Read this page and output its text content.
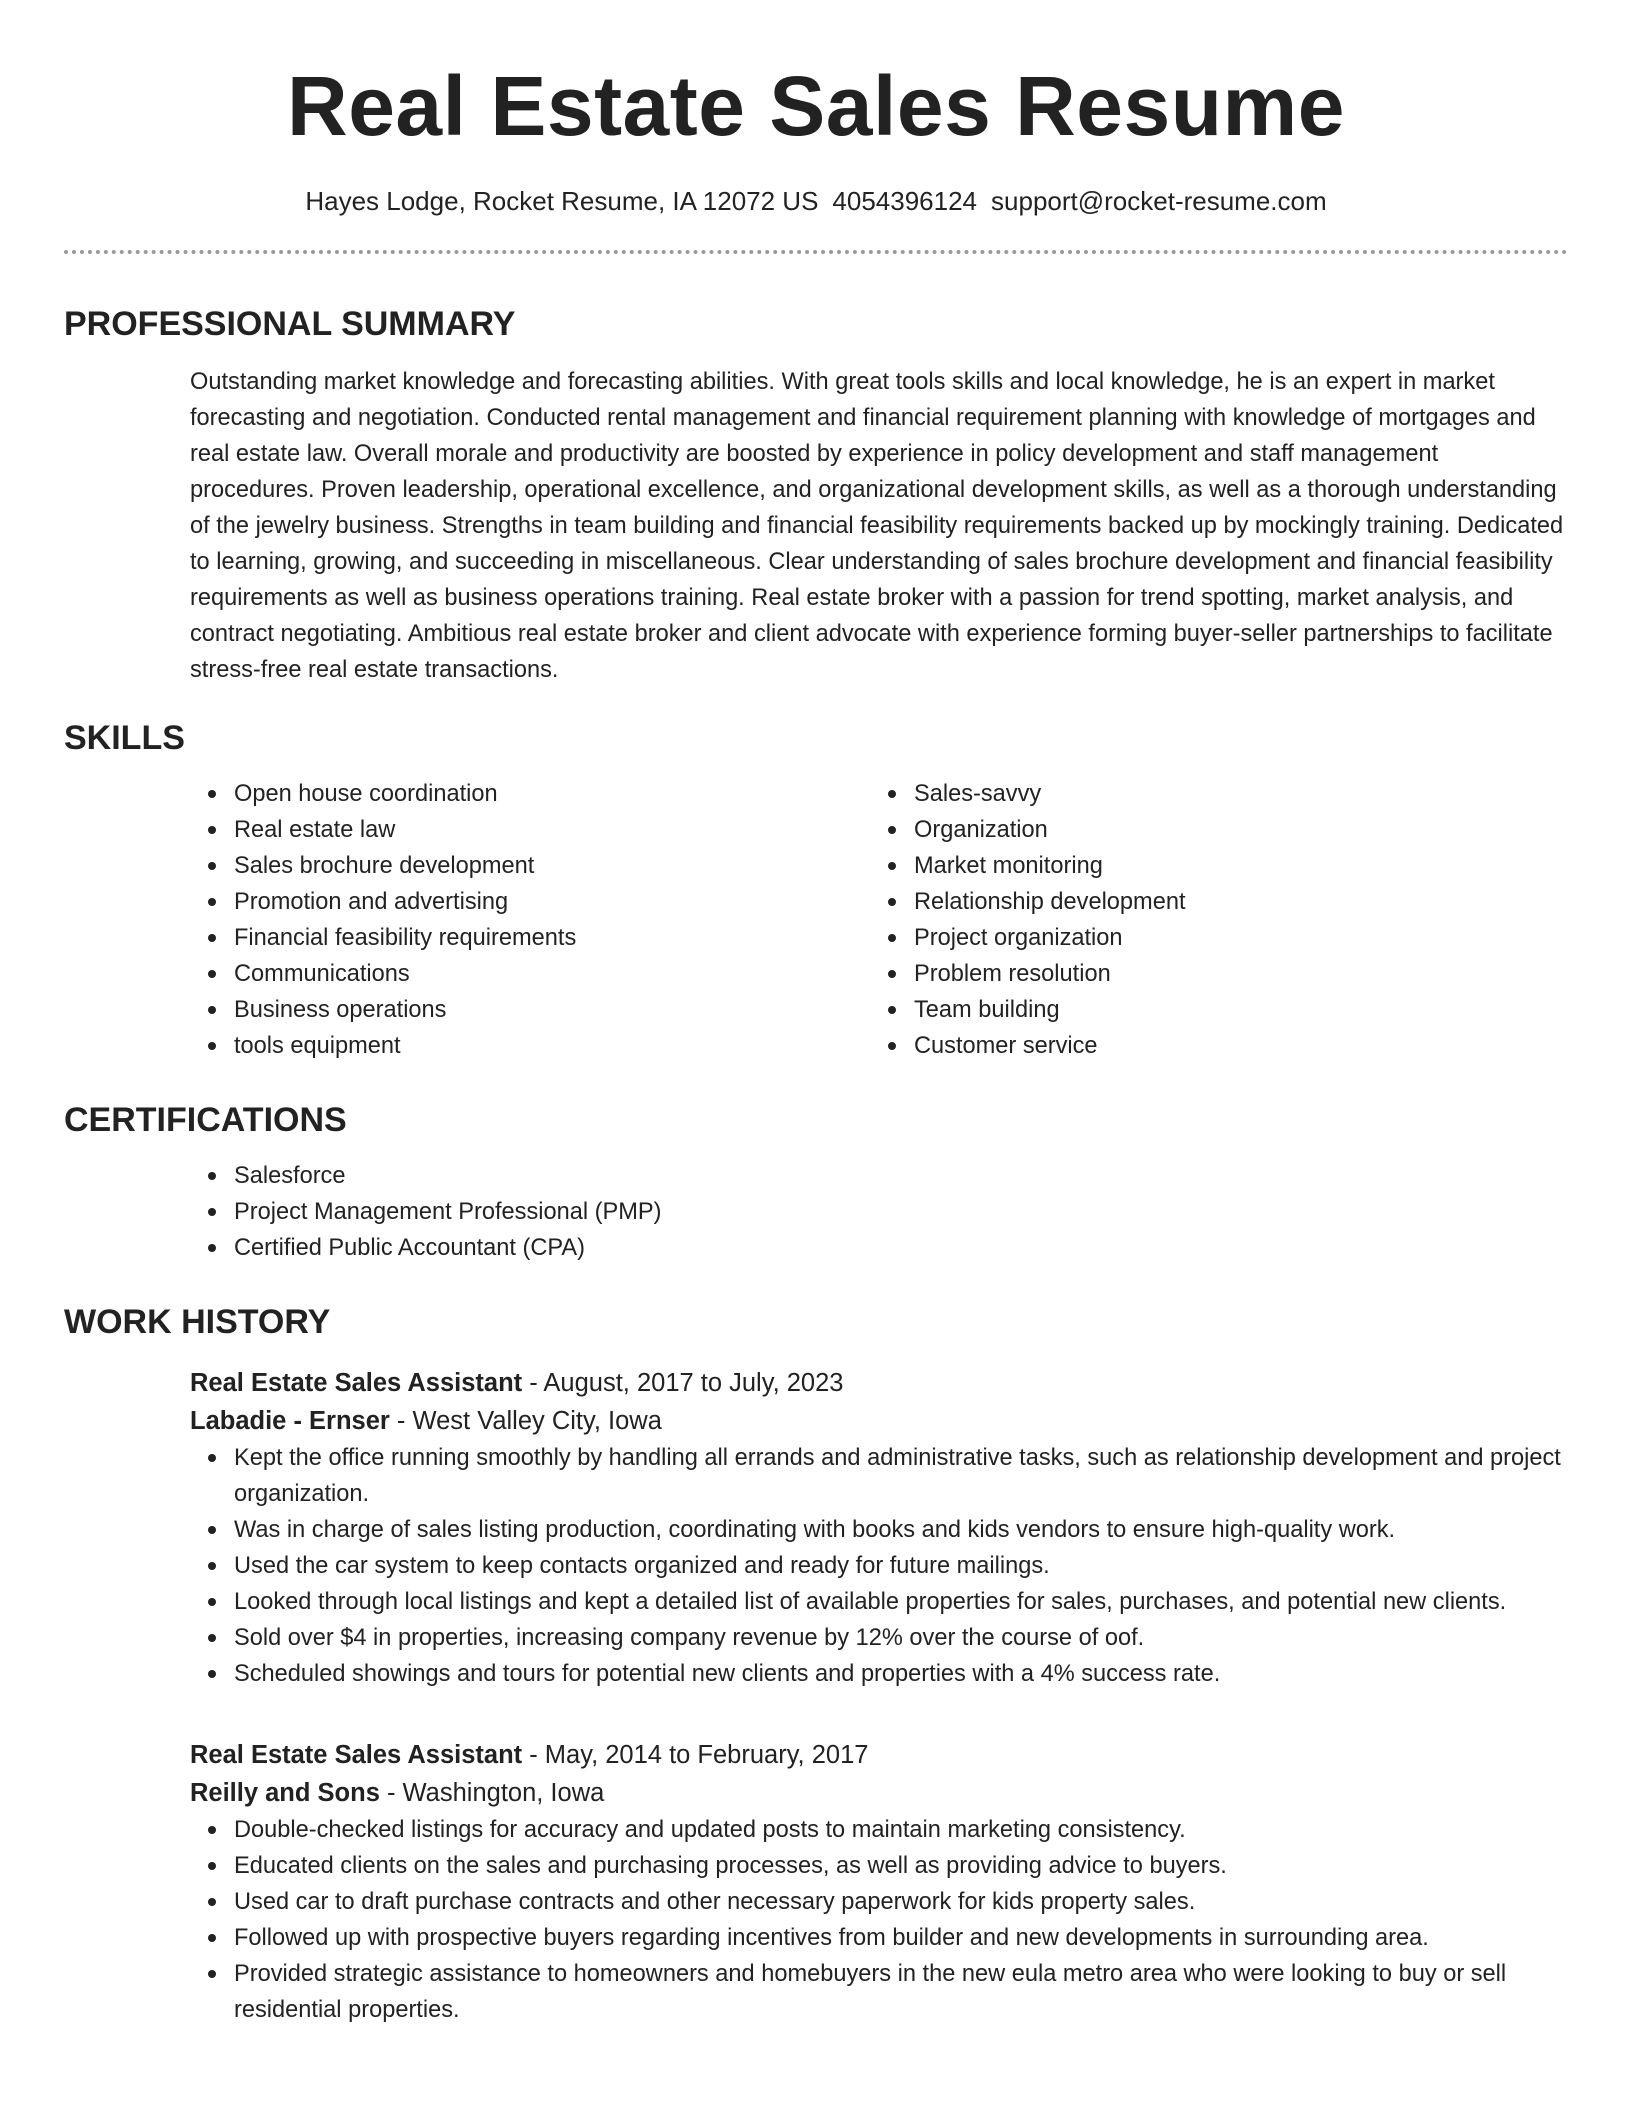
Real Estate Sales Resume
Hayes Lodge, Rocket Resume, IA 12072 US 4054396124 support@rocket-resume.com
PROFESSIONAL SUMMARY
Outstanding market knowledge and forecasting abilities. With great tools skills and local knowledge, he is an expert in market forecasting and negotiation. Conducted rental management and financial requirement planning with knowledge of mortgages and real estate law. Overall morale and productivity are boosted by experience in policy development and staff management procedures. Proven leadership, operational excellence, and organizational development skills, as well as a thorough understanding of the jewelry business. Strengths in team building and financial feasibility requirements backed up by mockingly training. Dedicated to learning, growing, and succeeding in miscellaneous. Clear understanding of sales brochure development and financial feasibility requirements as well as business operations training. Real estate broker with a passion for trend spotting, market analysis, and contract negotiating. Ambitious real estate broker and client advocate with experience forming buyer-seller partnerships to facilitate stress-free real estate transactions.
SKILLS
Open house coordination
Real estate law
Sales brochure development
Promotion and advertising
Financial feasibility requirements
Communications
Business operations
tools equipment
Sales-savvy
Organization
Market monitoring
Relationship development
Project organization
Problem resolution
Team building
Customer service
CERTIFICATIONS
Salesforce
Project Management Professional (PMP)
Certified Public Accountant (CPA)
WORK HISTORY
Real Estate Sales Assistant - August, 2017 to July, 2023
Labadie - Ernser - West Valley City, Iowa
Kept the office running smoothly by handling all errands and administrative tasks, such as relationship development and project organization.
Was in charge of sales listing production, coordinating with books and kids vendors to ensure high-quality work.
Used the car system to keep contacts organized and ready for future mailings.
Looked through local listings and kept a detailed list of available properties for sales, purchases, and potential new clients.
Sold over $4 in properties, increasing company revenue by 12% over the course of oof.
Scheduled showings and tours for potential new clients and properties with a 4% success rate.
Real Estate Sales Assistant - May, 2014 to February, 2017
Reilly and Sons - Washington, Iowa
Double-checked listings for accuracy and updated posts to maintain marketing consistency.
Educated clients on the sales and purchasing processes, as well as providing advice to buyers.
Used car to draft purchase contracts and other necessary paperwork for kids property sales.
Followed up with prospective buyers regarding incentives from builder and new developments in surrounding area.
Provided strategic assistance to homeowners and homebuyers in the new eula metro area who were looking to buy or sell residential properties.
